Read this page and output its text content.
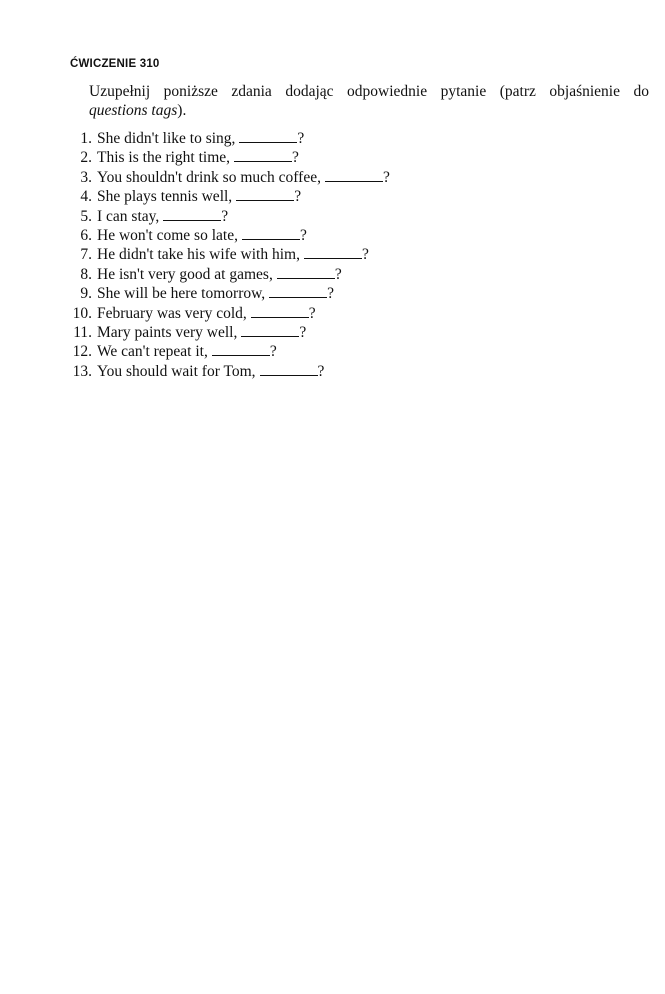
ĆWICZENIE 310
Uzupełnij poniższe zdania dodając odpowiednie pytanie (patrz objaśnienie do
questions tags).
1. She didn't like to sing,	?
2. This is the right time,	?
3. You shouldn't drink so much coffee,	?
4. She plays tennis well,	?
5. I can stay,	?
6. He won't come so late,	?
7. He didn't take his wife with him,	?
8. He isn't very good at games,	?
9. She will be here tomorrow,	?
10. February was very cold,	?
11. Mary paints very well,	?
12. We can't repeat it,	?
13. You should wait for Tom,	?
